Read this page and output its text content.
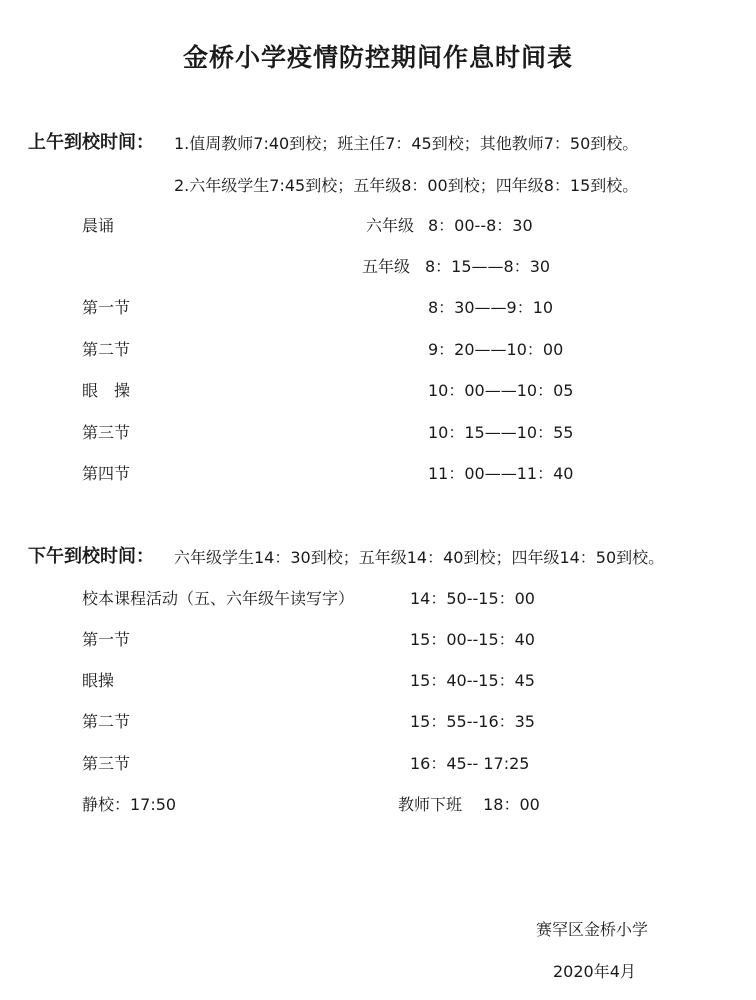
金桥小学疫情防控期间作息时间表
上午到校时间： 1.值周教师7:40到校；班主任7：45到校；其他教师7：50到校。
2.六年级学生7:45到校；五年级8：00到校；四年级8：15到校。
晨诵	六年级 8：00--8：30
五年级 8：15——8：30
第一节	8：30——9：10
第二节	9：20——10：00
眼　操	10：00——10：05
第三节	10：15——10：55
第四节	11：00——11：40
下午到校时间： 六年级学生14：30到校；五年级14：40到校；四年级14：50到校。
校本课程活动（五、六年级午读写字）	14：50--15：00
第一节	15：00--15：40
眼操	15：40--15：45
第二节	15：55--16：35
第三节	16：45-- 17:25
静校：17:50	教师下班　 18：00
赛罕区金桥小学
2020年4月
